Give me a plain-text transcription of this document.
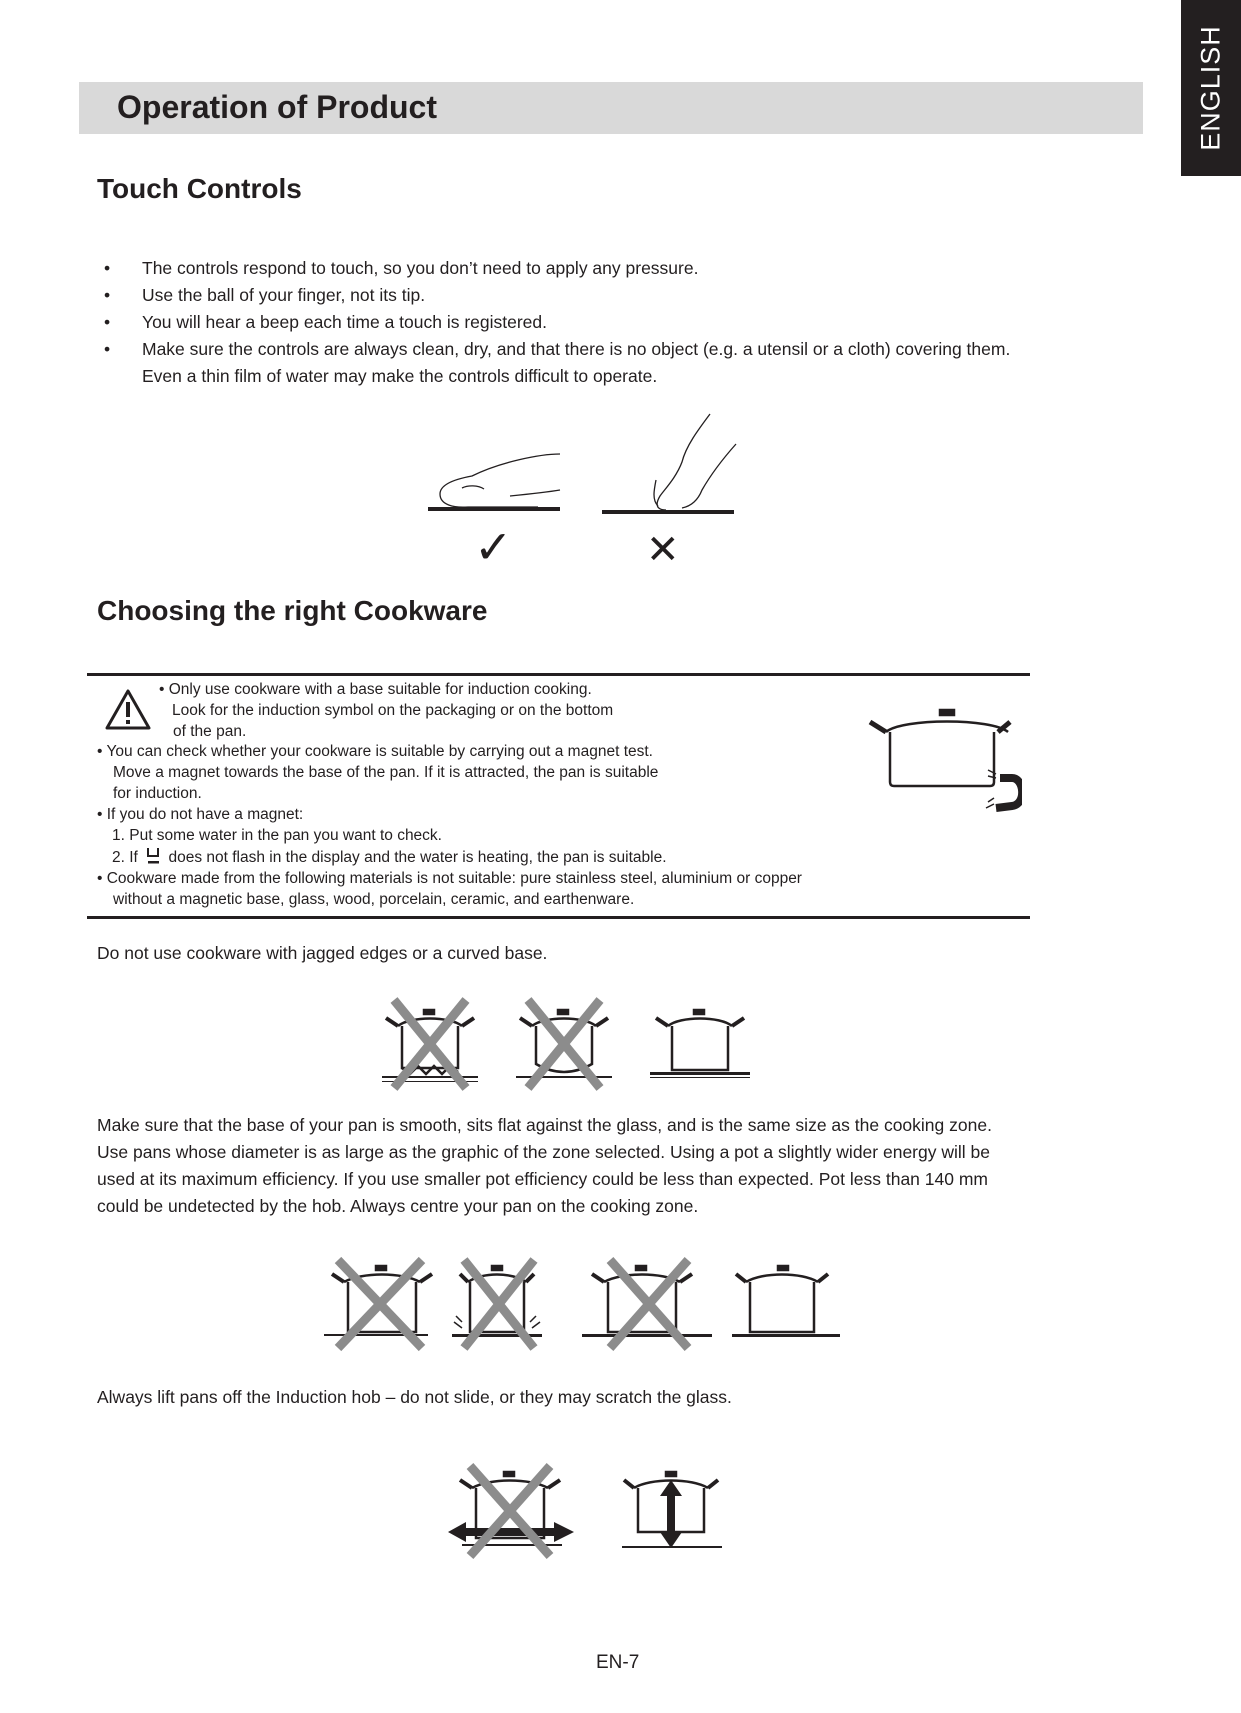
ENGLISH
Operation of Product
Touch Controls
• The controls respond to touch, so you don’t need to apply any pressure.
• Use the ball of your finger, not its tip.
• You will hear a beep each time a touch is registered.
• Make sure the controls are always clean, dry, and that there is no object (e.g. a utensil or a cloth) covering them.
Even a thin film of water may make the controls difficult to operate.
✓	✕
Choosing the right Cookware
• Only use cookware with a base suitable for induction cooking.
Look for the induction symbol on the packaging or on the bottom
of the pan.
• You can check whether your cookware is suitable by carrying out a magnet test.
Move a magnet towards the base of the pan. If it is attracted, the pan is suitable
for induction.
• If you do not have a magnet:
1. Put some water in the pan you want to check.
2. If does not flash in the display and the water is heating, the pan is suitable.
• Cookware made from the following materials is not suitable: pure stainless steel, aluminium or copper
without a magnetic base, glass, wood, porcelain, ceramic, and earthenware.

Do not use cookware with jagged edges or a curved base.

Make sure that the base of your pan is smooth, sits flat against the glass, and is the same size as the cooking zone.
Use pans whose diameter is as large as the graphic of the zone selected. Using a pot a slightly wider energy will be
used at its maximum efficiency. If you use smaller pot efficiency could be less than expected. Pot less than 140 mm
could be undetected by the hob. Always centre your pan on the cooking zone.

Always lift pans off the Induction hob – do not slide, or they may scratch the glass.

EN-7
